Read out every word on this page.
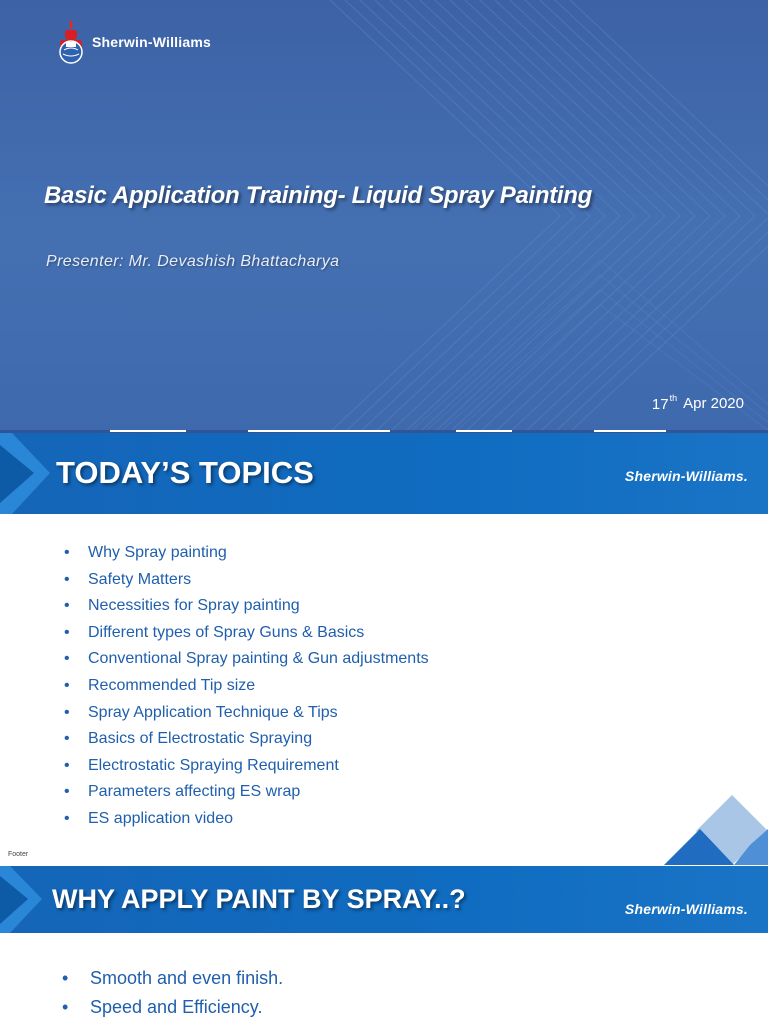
Sherwin-Williams
Basic Application Training- Liquid Spray Painting
Presenter: Mr. Devashish Bhattacharya
17th Apr 2020
TODAY’S TOPICS	Sherwin-Williams.
•	Why Spray painting
•	Safety Matters
•	Necessities for Spray painting
•	Different types of Spray Guns & Basics
•	Conventional Spray painting & Gun adjustments
•	Recommended Tip size
•	Spray Application Technique & Tips
•	Basics of Electrostatic Spraying
•	Electrostatic Spraying Requirement
•	Parameters affecting ES wrap
•	ES application video
Footer
WHY APPLY PAINT BY SPRAY..?	Sherwin-Williams.
•	Smooth and even finish.
•	Speed and Efficiency.
